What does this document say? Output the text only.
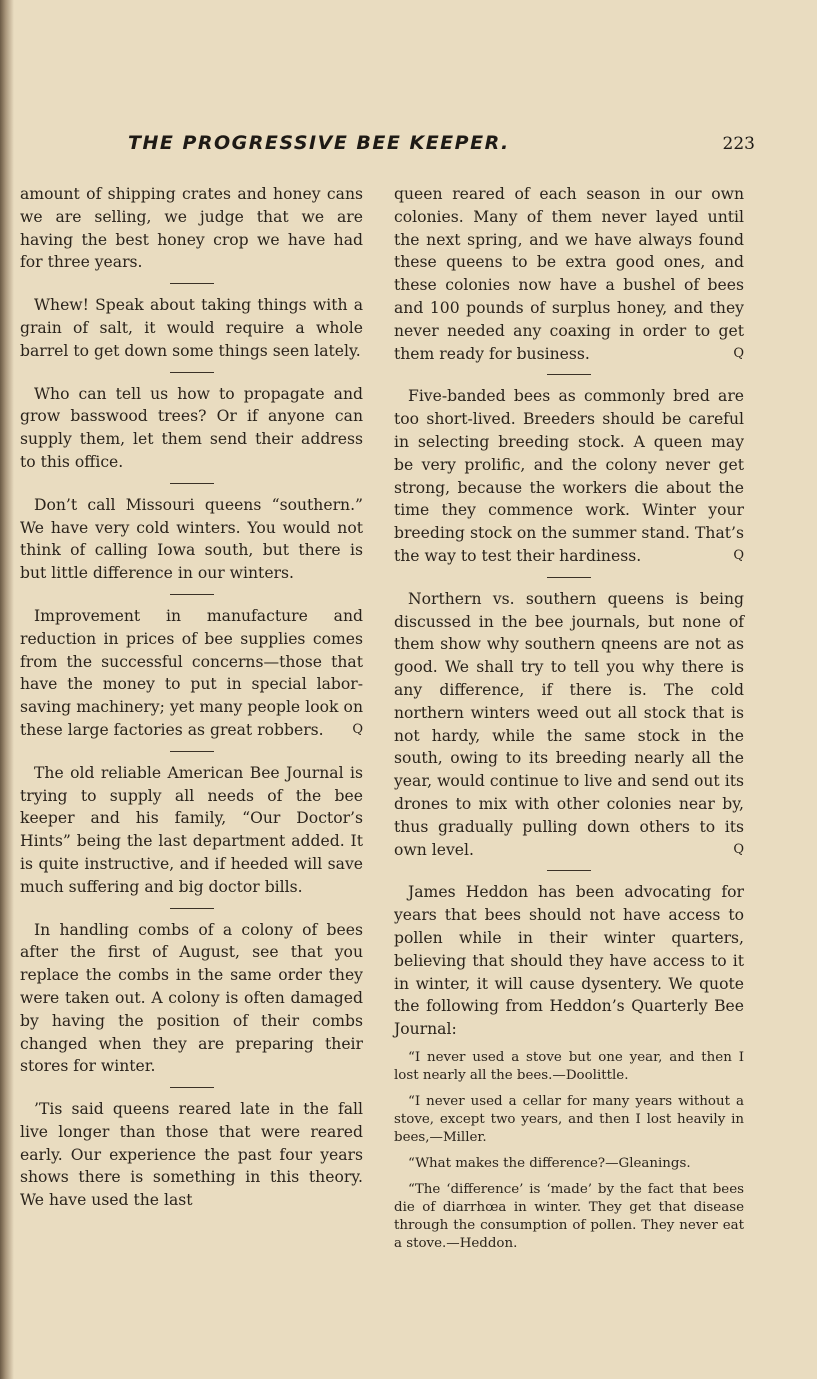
THE PROGRESSIVE BEE KEEPER.	223

amount of shipping crates and honey cans we are selling, we judge that we are having the best honey crop we have had for three years.

Whew! Speak about taking things with a grain of salt, it would require a whole barrel to get down some things seen lately.

Who can tell us how to propagate and grow basswood trees? Or if anyone can supply them, let them send their address to this office.

Don’t call Missouri queens “southern.” We have very cold winters. You would not think of calling Iowa south, but there is but little difference in our winters.

Improvement in manufacture and reduction in prices of bee supplies comes from the successful concerns—those that have the money to put in special labor-saving machinery; yet many people look on these large factories as great robbers.	Q

The old reliable American Bee Journal is trying to supply all needs of the bee keeper and his family, “Our Doctor’s Hints” being the last department added. It is quite instructive, and if heeded will save much suffering and big doctor bills.

In handling combs of a colony of bees after the first of August, see that you replace the combs in the same order they were taken out. A colony is often damaged by having the position of their combs changed when they are preparing their stores for winter.

’Tis said queens reared late in the fall live longer than those that were reared early. Our experience the past four years shows there is something in this theory. We have used the last

queen reared of each season in our own colonies. Many of them never layed until the next spring, and we have always found these queens to be extra good ones, and these colonies now have a bushel of bees and 100 pounds of surplus honey, and they never needed any coaxing in order to get them ready for business.	Q

Five-banded bees as commonly bred are too short-lived. Breeders should be careful in selecting breeding stock. A queen may be very prolific, and the colony never get strong, because the workers die about the time they commence work. Winter your breeding stock on the summer stand. That’s the way to test their hardiness.	Q

Northern vs. southern queens is being discussed in the bee journals, but none of them show why southern qneens are not as good. We shall try to tell you why there is any difference, if there is. The cold northern winters weed out all stock that is not hardy, while the same stock in the south, owing to its breeding nearly all the year, would continue to live and send out its drones to mix with other colonies near by, thus gradually pulling down others to its own level.	Q

James Heddon has been advocating for years that bees should not have access to pollen while in their winter quarters, believing that should they have access to it in winter, it will cause dysentery. We quote the following from Heddon’s Quarterly Bee Journal:

“I never used a stove but one year, and then I lost nearly all the bees.—Doolittle.

“I never used a cellar for many years without a stove, except two years, and then I lost heavily in bees,—Miller.

“What makes the difference?—Gleanings.

“The ‘difference’ is ‘made’ by the fact that bees die of diarrhœa in winter. They get that disease through the consumption of pollen. They never eat a stove.—Heddon.
